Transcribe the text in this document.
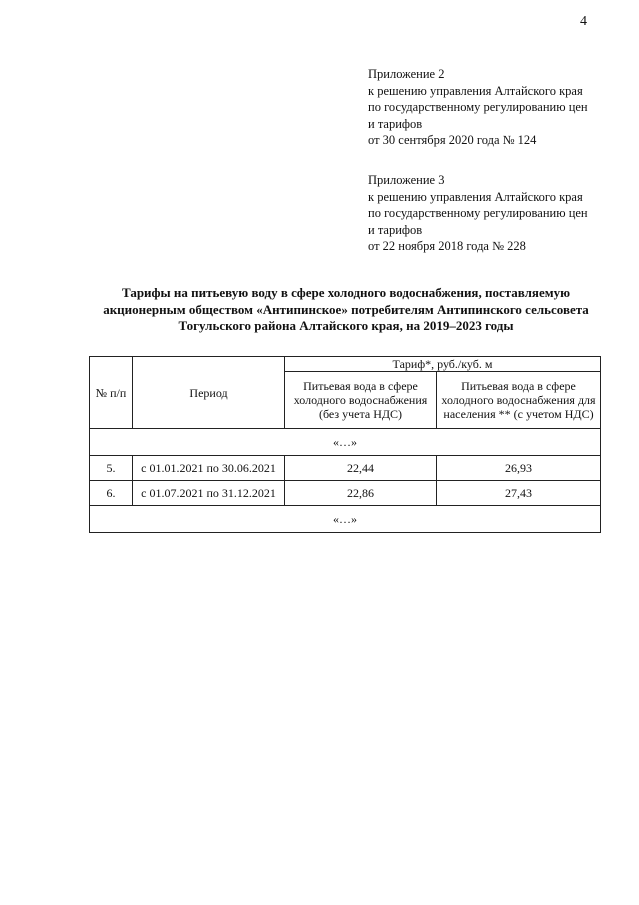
4
Приложение 2
к решению управления Алтайского края
по государственному регулированию цен
и тарифов
от 30 сентября 2020 года № 124
Приложение 3
к решению управления Алтайского края
по государственному регулированию цен
и тарифов
от 22 ноября 2018 года № 228
Тарифы на питьевую воду в сфере холодного водоснабжения, поставляемую акционерным обществом «Антипинское» потребителям Антипинского сельсовета Тогульского района Алтайского края, на 2019–2023 годы
№ п/п	Период	Тариф*, руб./куб. м	
		Питьевая вода в сфере холодного водоснабжения (без учета НДС)	Питьевая вода в сфере холодного водоснабжения для населения ** (с учетом НДС)
«…»			
5.	с 01.01.2021 по 30.06.2021	22,44	26,93
6.	с 01.07.2021 по 31.12.2021	22,86	27,43
«…»			
